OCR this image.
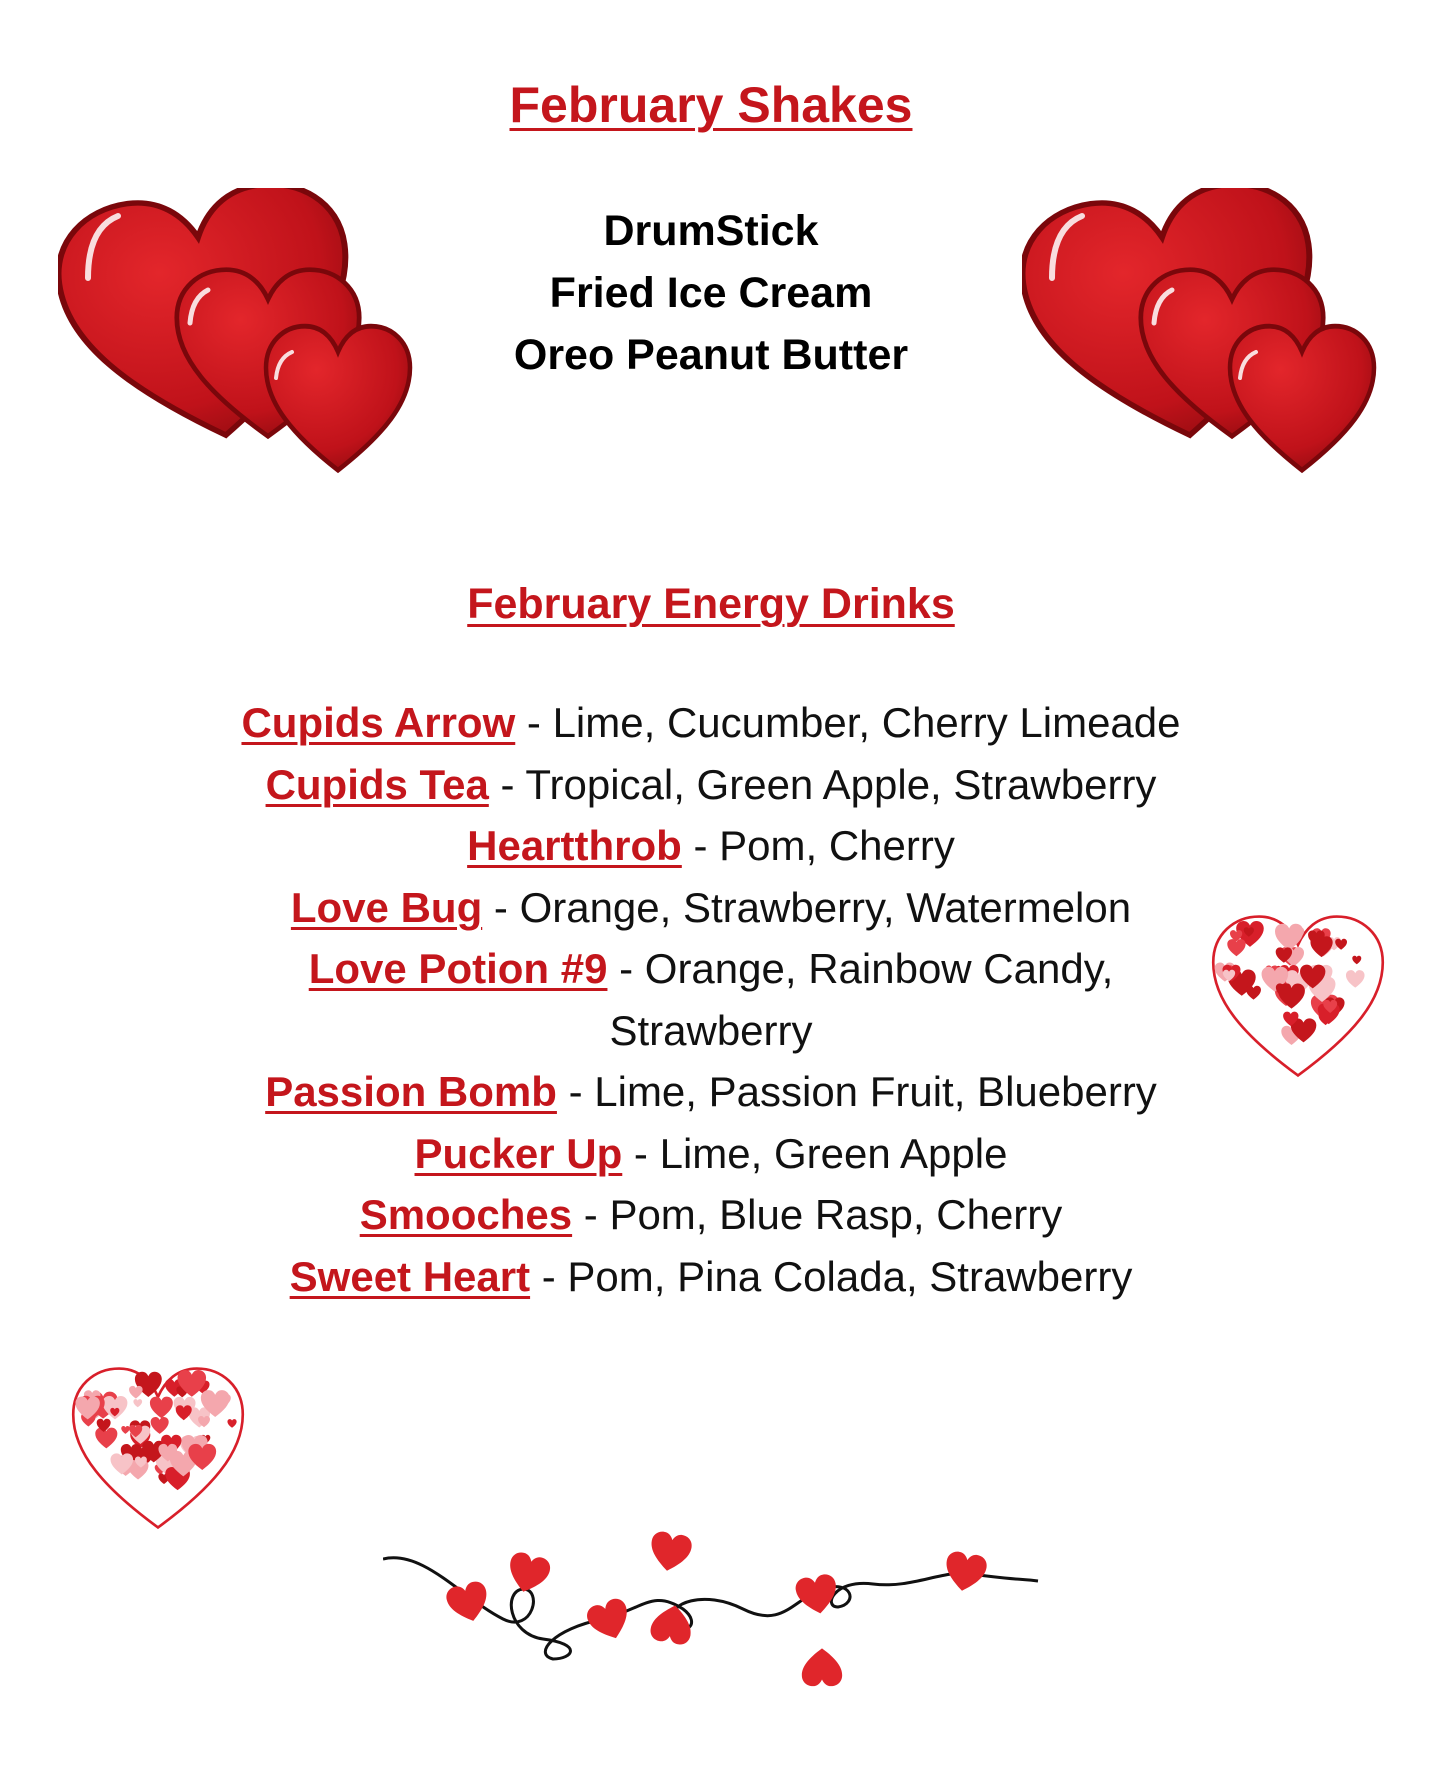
February Shakes
DrumStick
Fried Ice Cream
Oreo Peanut Butter
February Energy Drinks
Cupids Arrow - Lime, Cucumber, Cherry Limeade
Cupids Tea - Tropical, Green Apple, Strawberry
Heartthrob - Pom, Cherry
Love Bug - Orange, Strawberry, Watermelon
Love Potion #9 - Orange, Rainbow Candy, Strawberry
Passion Bomb - Lime, Passion Fruit, Blueberry
Pucker Up - Lime, Green Apple
Smooches - Pom, Blue Rasp, Cherry
Sweet Heart - Pom, Pina Colada, Strawberry
